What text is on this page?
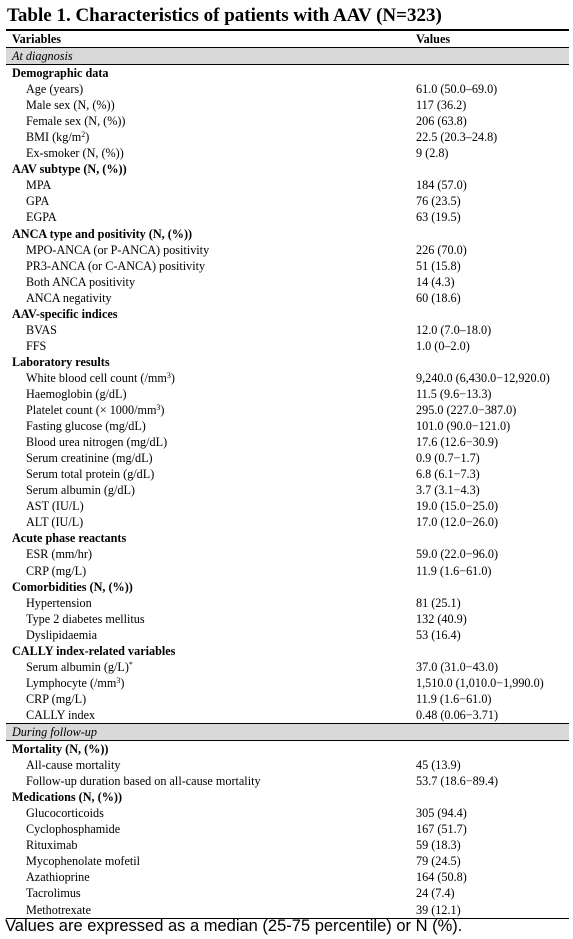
Table 1. Characteristics of patients with AAV (N=323)
Variables	Values
At diagnosis	
Demographic data	
Age (years)	61.0 (50.0–69.0)
Male sex (N, (%))	117 (36.2)
Female sex (N, (%))	206 (63.8)
BMI $(kg/m^2)$	22.5 (20.3–24.8)
Ex-smoker (N, (%))	9 (2.8)
AAV subtype (N, (%))	
MPA	184 (57.0)
GPA	76 (23.5)
EGPA	63 (19.5)
ANCA type and positivity (N, (%))	
MPO-ANCA (or P-ANCA) positivity	226 (70.0)
PR3-ANCA (or C-ANCA) positivity	51 (15.8)
Both ANCA positivity	14 (4.3)
ANCA negativity	60 (18.6)
AAV-specific indices	
BVAS	12.0 (7.0–18.0)
FFS	1.0 (0–2.0)
Laboratory results	
White blood cell count $(/mm^3)$	9,240.0 (6,430.0−12,920.0)
Haemoglobin (g/dL)	11.5 (9.6−13.3)
Platelet count (× $1000/mm^3$)	295.0 (227.0−387.0)
Fasting glucose (mg/dL)	101.0 (90.0−121.0)
Blood urea nitrogen (mg/dL)	17.6 (12.6−30.9)
Serum creatinine (mg/dL)	0.9 (0.7−1.7)
Serum total protein (g/dL)	6.8 (6.1−7.3)
Serum albumin (g/dL)	3.7 (3.1−4.3)
AST (IU/L)	19.0 (15.0−25.0)
ALT (IU/L)	17.0 (12.0−26.0)
Acute phase reactants	
ESR (mm/hr)	59.0 (22.0−96.0)
CRP (mg/L)	11.9 (1.6−61.0)
Comorbidities (N, (%))	
Hypertension	81 (25.1)
Type 2 diabetes mellitus	132 (40.9)
Dyslipidaemia	53 (16.4)
CALLY index-related variables	
Serum albumin (g/L)*	37.0 (31.0−43.0)
Lymphocyte $(/mm^3)$	1,510.0 (1,010.0−1,990.0)
CRP (mg/L)	11.9 (1.6−61.0)
CALLY index	0.48 (0.06−3.71)
During follow-up	
Mortality (N, (%))	
All-cause mortality	45 (13.9)
Follow-up duration based on all-cause mortality	53.7 (18.6−89.4)
Medications (N, (%))	
Glucocorticoids	305 (94.4)
Cyclophosphamide	167 (51.7)
Rituximab	59 (18.3)
Mycophenolate mofetil	79 (24.5)
Azathioprine	164 (50.8)
Tacrolimus	24 (7.4)
Methotrexate	39 (12.1)
Values are expressed as a median (25-75 percentile) or N (%).
